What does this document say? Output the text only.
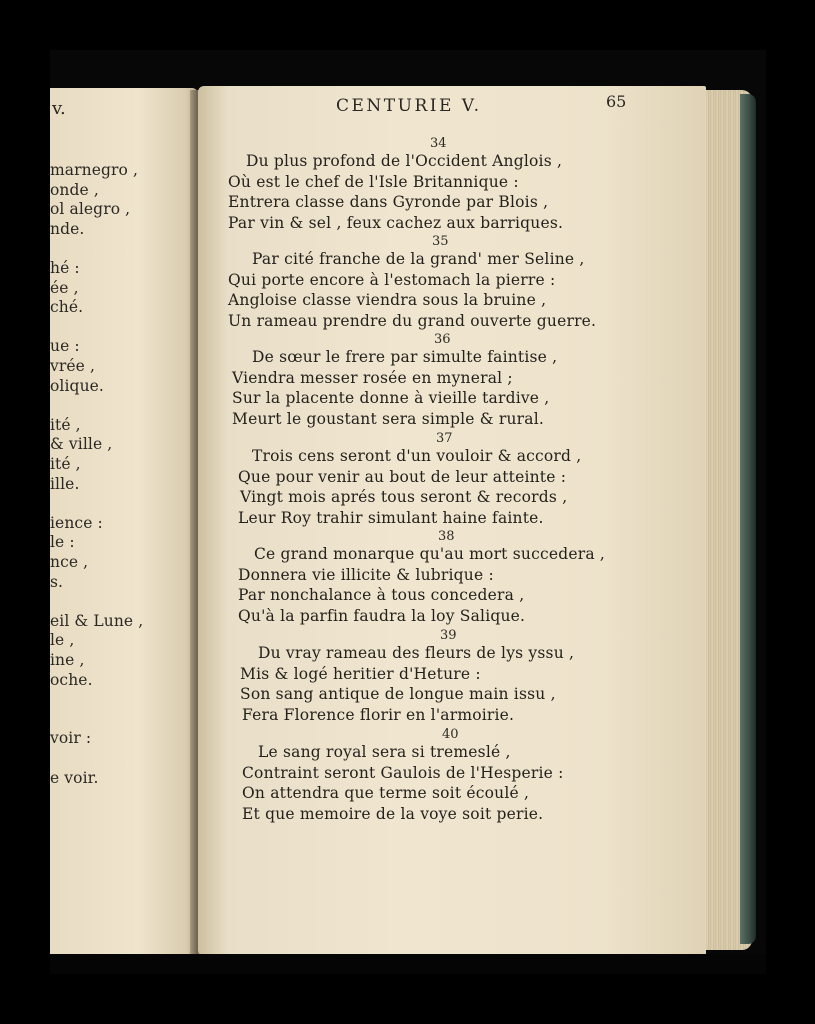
v.
marnegro ,
onde ,
ol alegro ,
nde.
hé :
ée ,
ché.
ue :
vrée ,
olique.
ité ,
& ville ,
ité ,
ille.
ience :
le :
nce ,
s.
eil & Lune ,
le ,
ine ,
oche.
voir :
e voir.
CENTURIE V.	65
34
Du plus profond de l'Occident Anglois ,
Où est le chef de l'Isle Britannique :
Entrera classe dans Gyronde par Blois ,
Par vin & sel , feux cachez aux barriques.
35
Par cité franche de la grand' mer Seline ,
Qui porte encore à l'estomach la pierre :
Angloise classe viendra sous la bruine ,
Un rameau prendre du grand ouverte guerre.
36
De sœur le frere par simulte faintise ,
Viendra messer rosée en myneral ;
Sur la placente donne à vieille tardive ,
Meurt le goustant sera simple & rural.
37
Trois cens seront d'un vouloir & accord ,
Que pour venir au bout de leur atteinte :
Vingt mois aprés tous seront & records ,
Leur Roy trahir simulant haine fainte.
38
Ce grand monarque qu'au mort succedera ,
Donnera vie illicite & lubrique :
Par nonchalance à tous concedera ,
Qu'à la parfin faudra la loy Salique.
39
Du vray rameau des fleurs de lys yssu ,
Mis & logé heritier d'Heture :
Son sang antique de longue main issu ,
Fera Florence florir en l'armoirie.
40
Le sang royal sera si tremeslé ,
Contraint seront Gaulois de l'Hesperie :
On attendra que terme soit écoulé ,
Et que memoire de la voye soit perie.
